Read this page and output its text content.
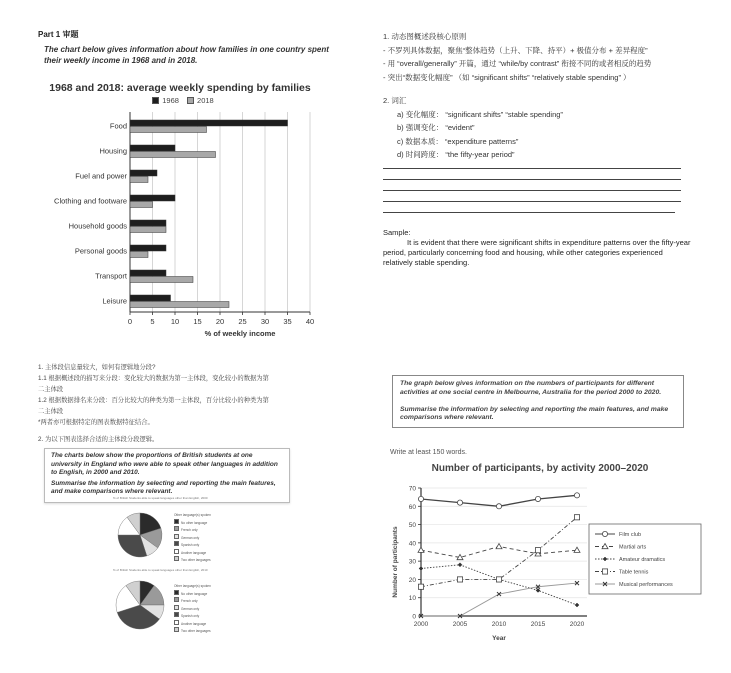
Part 1 审题
The chart below gives information about how families in one country spent their weekly income in 1968 and in 2018.
1968 and 2018: average weekly spending by families
1968 2018
0 5 10 15 20 25 30 35 40
Food
Housing
Fuel and power
Clothing and footware
Household goods
Personal goods
Transport
Leisure
% of weekly income
1. 动态图概述段核心原则
- 不罗列具体数据，聚焦“整体趋势（上升、下降、持平）+ 极值分布 + 差异程度”
- 用 “overall/generally” 开篇，通过 “while/by contrast” 衔接不同的或者相反的趋势
- 突出“数据变化幅度” （如 “significant shifts” “relatively stable spending” ）
2. 词汇
a) 变化幅度： “significant shifts” “stable spending”
b) 强调变化： “evident”
c) 数据本质： “expenditure patterns”
d) 时间跨度： “the fifty-year period”
Sample:
It is evident that there were significant shifts in expenditure patterns over the fifty-year period, particularly concerning food and housing, while other categories experienced relatively stable spending.
1. 主体段信息量较大，如何有逻辑地分段?
1.1 根据概述段的描写来分段：变化较大的数据为第一主体段，变化较小的数据为第
二主体段
1.2 根据数据排名来分段：百分比较大的种类为第一主体段，百分比较小的种类为第
二主体段
*两者亦可根据特定的图表数据特征结合。
2. 为以下图表选择合适的主体段分段逻辑。

The charts below show the proportions of British students at one university in England who were able to speak other languages in addition to English, in 2000 and 2010.

Summarise the information by selecting and reporting the main features, and make comparisons where relevant.

% of British Students able to speak languages other than English, 2000
Other language(s) spoken
No other language
French only
German only
Spanish only
Another language
Two other languages
% of British Students able to speak languages other than English, 2010
Other language(s) spoken
No other language
French only
German only
Spanish only
Another language
Two other languages

The graph below gives information on the numbers of participants for different activities at one social centre in Melbourne, Australia for the period 2000 to 2020.

Summarise the information by selecting and reporting the main features, and make comparisons where relevant.

Write at least 150 words.
Number of participants, by activity 2000–2020
0
10
20
30
40
50
60
70
2000	2005	2010	2015	2020
Year
Number of participants	Film club
Martial arts
Amateur dramatics
Table tennis
Musical performances
